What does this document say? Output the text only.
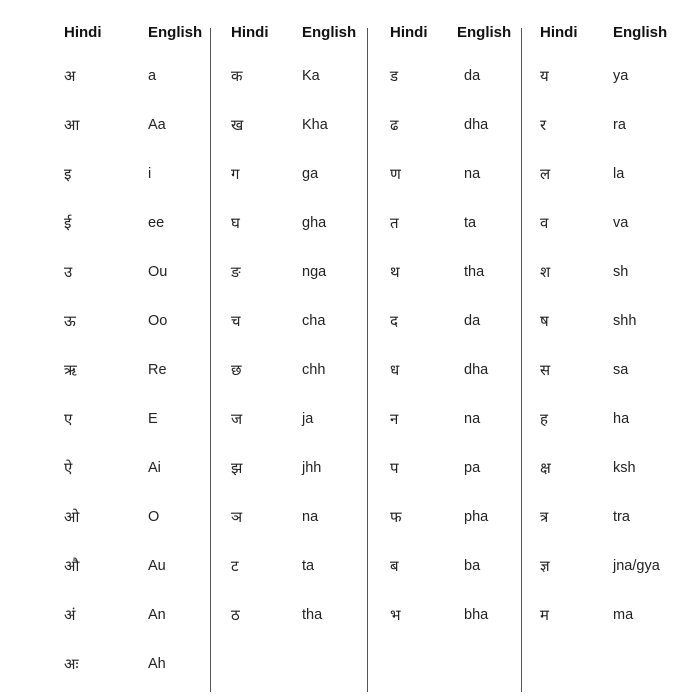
Hindi	English
अ	a
आ	Aa
इ	i
ई	ee
उ	Ou
ऊ	Oo
ऋ	Re
ए	E
ऐ	Ai
ओ	O
औ	Au
अं	An
अः	Ah
Hindi English
क	Ka
ख	Kha
ग	ga
घ	gha
ङ	nga
च	cha
छ	chh
ज	ja
झ	jhh
ञ	na
ट	ta
ठ	tha
Hindi English
ड	da
ढ	dha
ण	na
त	ta
थ	tha
द	da
ध	dha
न	na
प	pa
फ	pha
ब	ba
भ	bha
Hindi English
य	ya
र	ra
ल	la
व	va
श	sh
ष	shh
स	sa
ह	ha
क्ष	ksh
त्र	tra
ज्ञ	jna/gya
म	ma
